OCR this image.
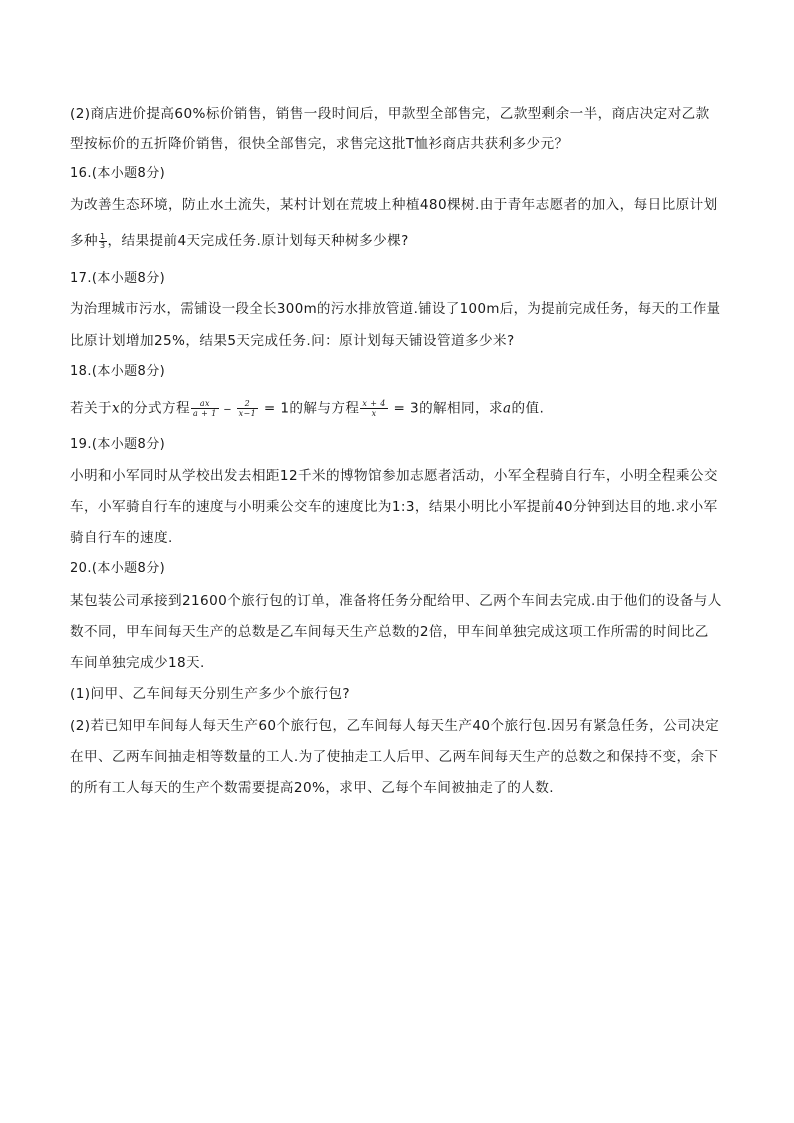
(2)商店进价提高60%标价销售，销售一段时间后，甲款型全部售完，乙款型剩余一半，商店决定对乙款
型按标价的五折降价销售，很快全部售完，求售完这批T恤衫商店共获利多少元？
16.(本小题8分)
为改善生态环境，防止水土流失，某村计划在荒坡上种植480棵树.由于青年志愿者的加入，每日比原计划
多种 $\frac{1}{3}$ ，结果提前4天完成任务.原计划每天种树多少棵?
17.(本小题8分)
为治理城市污水，需铺设一段全长300m的污水排放管道.铺设了100m后，为提前完成任务，每天的工作量
比原计划增加25%，结果5天完成任务.问：原计划每天铺设管道多少米?
18.(本小题8分)
若关于x的分式方程 $\frac{ax}{a + 1} - \frac{2}{x-1} = 1$的解与方程 $\frac{x + 4}{x} = 3$的解相同，求a的值.
19.(本小题8分)
小明和小军同时从学校出发去相距12千米的博物馆参加志愿者活动，小军全程骑自行车，小明全程乘公交
车，小军骑自行车的速度与小明乘公交车的速度比为1:3，结果小明比小军提前40分钟到达目的地.求小军
骑自行车的速度.
20.(本小题8分)
某包装公司承接到21600个旅行包的订单，准备将任务分配给甲、乙两个车间去完成.由于他们的设备与人
数不同，甲车间每天生产的总数是乙车间每天生产总数的2倍，甲车间单独完成这项工作所需的时间比乙
车间单独完成少18天.
(1)问甲、乙车间每天分别生产多少个旅行包?
(2)若已知甲车间每人每天生产60个旅行包，乙车间每人每天生产40个旅行包.因另有紧急任务，公司决定
在甲、乙两车间抽走相等数量的工人.为了使抽走工人后甲、乙两车间每天生产的总数之和保持不变，余下
的所有工人每天的生产个数需要提高20%，求甲、乙每个车间被抽走了的人数.
